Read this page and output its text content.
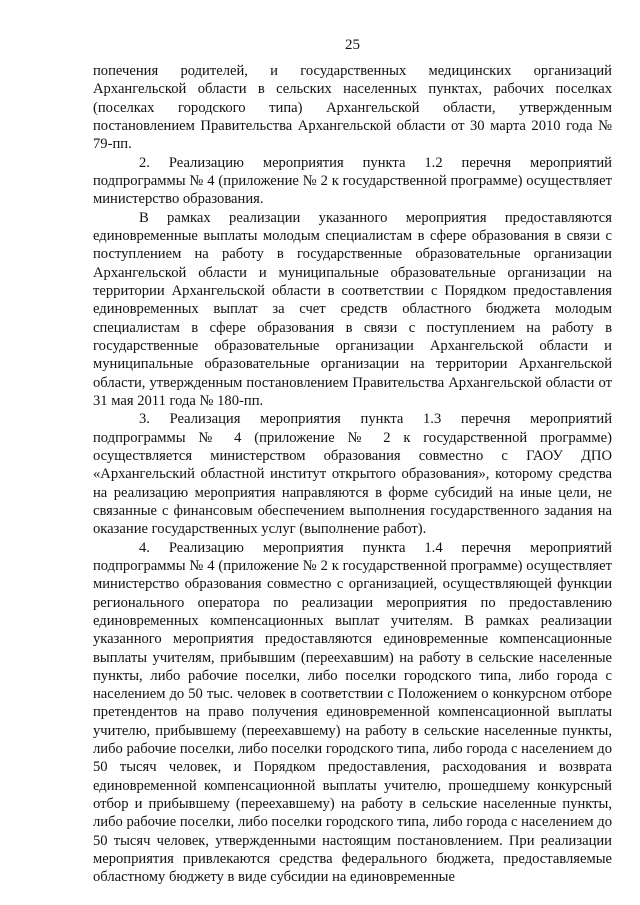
25

попечения родителей, и государственных медицинских организаций Архангельской области в сельских населенных пунктах, рабочих поселках (поселках городского типа) Архангельской области, утвержденным постановлением Правительства Архангельской области от 30 марта 2010 года № 79-пп.

2. Реализацию мероприятия пункта 1.2 перечня мероприятий подпрограммы № 4 (приложение № 2 к государственной программе) осуществляет министерство образования.

В рамках реализации указанного мероприятия предоставляются единовременные выплаты молодым специалистам в сфере образования в связи с поступлением на работу в государственные образовательные организации Архангельской области и муниципальные образовательные организации на территории Архангельской области в соответствии с Порядком предоставления единовременных выплат за счет средств областного бюджета молодым специалистам в сфере образования в связи с поступлением на работу в государственные образовательные организации Архангельской области и муниципальные образовательные организации на территории Архангельской области, утвержденным постановлением Правительства Архангельской области от 31 мая 2011 года № 180-пп.

3. Реализация мероприятия пункта 1.3 перечня мероприятий подпрограммы № 4 (приложение № 2 к государственной программе) осуществляется министерством образования совместно с ГАОУ ДПО «Архангельский областной институт открытого образования», которому средства на реализацию мероприятия направляются в форме субсидий на иные цели, не связанные с финансовым обеспечением выполнения государственного задания на оказание государственных услуг (выполнение работ).

4. Реализацию мероприятия пункта 1.4 перечня мероприятий подпрограммы № 4 (приложение № 2 к государственной программе) осуществляет министерство образования совместно с организацией, осуществляющей функции регионального оператора по реализации мероприятия по предоставлению единовременных компенсационных выплат учителям. В рамках реализации указанного мероприятия предоставляются единовременные компенсационные выплаты учителям, прибывшим (переехавшим) на работу в сельские населенные пункты, либо рабочие поселки, либо поселки городского типа, либо города с населением до 50 тыс. человек в соответствии с Положением о конкурсном отборе претендентов на право получения единовременной компенсационной выплаты учителю, прибывшему (переехавшему) на работу в сельские населенные пункты, либо рабочие поселки, либо поселки городского типа, либо города с населением до 50 тысяч человек, и Порядком предоставления, расходования и возврата единовременной компенсационной выплаты учителю, прошедшему конкурсный отбор и прибывшему (переехавшему) на работу в сельские населенные пункты, либо рабочие поселки, либо поселки городского типа, либо города с населением до 50 тысяч человек, утвержденными настоящим постановлением. При реализации мероприятия привлекаются средства федерального бюджета, предоставляемые областному бюджету в виде субсидии на единовременные
